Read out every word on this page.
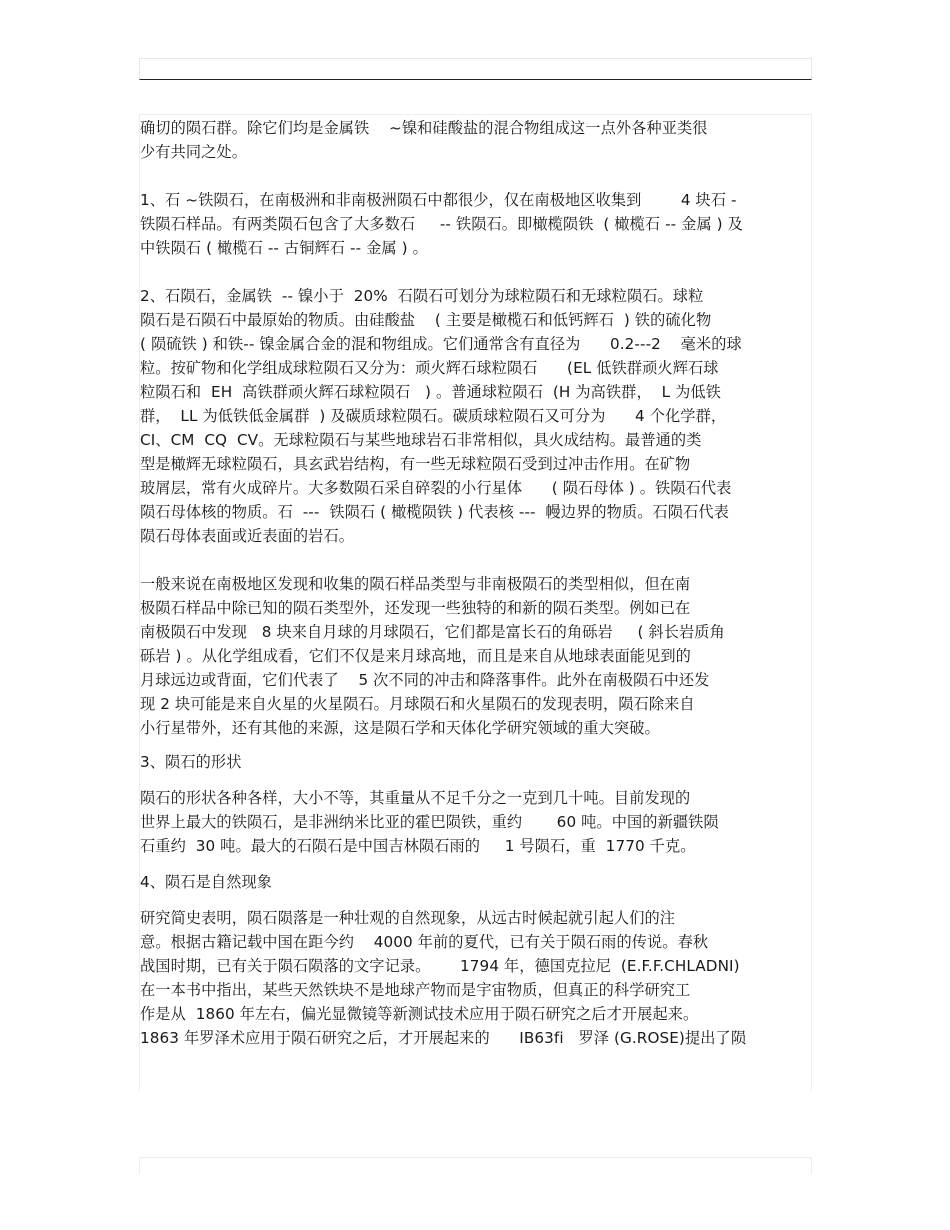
确切的陨石群。除它们均是金属铁    ~镍和硅酸盐的混合物组成这一点外各种亚类很
少有共同之处。

1、石 ~铁陨石，在南极洲和非南极洲陨石中都很少，仅在南极地区收集到        4 块石 -
铁陨石样品。有两类陨石包含了大多数石     -- 铁陨石。即橄榄陨铁  ( 橄榄石 -- 金属 ) 及
中铁陨石 ( 橄榄石 -- 古铜辉石 -- 金属 ) 。

2、石陨石，金属铁  -- 镍小于  20%  石陨石可划分为球粒陨石和无球粒陨石。球粒
陨石是石陨石中最原始的物质。由硅酸盐    ( 主要是橄榄石和低钙辉石  ) 铁的硫化物
( 陨硫铁 ) 和铁-- 镍金属合金的混和物组成。它们通常含有直径为      0.2---2    毫米的球
粒。按矿物和化学组成球粒陨石又分为：顽火辉石球粒陨石      (EL 低铁群顽火辉石球
粒陨石和  EH  高铁群顽火辉石球粒陨石   ) 。普通球粒陨石  (H 为高铁群，  L 为低铁
群，  LL 为低铁低金属群  ) 及碳质球粒陨石。碳质球粒陨石又可分为      4 个化学群，
CI、CM  CQ  CV。无球粒陨石与某些地球岩石非常相似，具火成结构。最普通的类
型是橄辉无球粒陨石，具玄武岩结构，有一些无球粒陨石受到过冲击作用。在矿物
玻屑层，常有火成碎片。大多数陨石采自碎裂的小行星体      ( 陨石母体 ) 。铁陨石代表
陨石母体核的物质。石  ---  铁陨石 ( 橄榄陨铁 ) 代表核 ---  幔边界的物质。石陨石代表
陨石母体表面或近表面的岩石。

一般来说在南极地区发现和收集的陨石样品类型与非南极陨石的类型相似，但在南
极陨石样品中除已知的陨石类型外，还发现一些独特的和新的陨石类型。例如已在
南极陨石中发现   8 块来自月球的月球陨石，它们都是富长石的角砾岩     ( 斜长岩质角
砾岩 ) 。从化学组成看，它们不仅是来月球高地，而且是来自从地球表面能见到的
月球远边或背面，它们代表了    5 次不同的冲击和降落事件。此外在南极陨石中还发
现 2 块可能是来自火星的火星陨石。月球陨石和火星陨石的发现表明，陨石除来自
小行星带外，还有其他的来源，这是陨石学和天体化学研究领域的重大突破。

3、陨石的形状

陨石的形状各种各样，大小不等，其重量从不足千分之一克到几十吨。目前发现的
世界上最大的铁陨石，是非洲纳米比亚的霍巴陨铁，重约       60 吨。中国的新疆铁陨
石重约  30 吨。最大的石陨石是中国吉林陨石雨的     1 号陨石，重  1770 千克。

4、陨石是自然现象

研究简史表明，陨石陨落是一种壮观的自然现象，从远古时候起就引起人们的注
意。根据古籍记载中国在距今约    4000 年前的夏代，已有关于陨石雨的传说。春秋
战国时期，已有关于陨石陨落的文字记录。      1794 年，德国克拉尼  (E.F.F.CHLADNI)
在一本书中指出，某些天然铁块不是地球产物而是宇宙物质，但真正的科学研究工
作是从  1860 年左右，偏光显微镜等新测试技术应用于陨石研究之后才开展起来。
1863 年罗泽术应用于陨石研究之后，才开展起来的      IB63fi   罗泽 (G.ROSE)提出了陨
